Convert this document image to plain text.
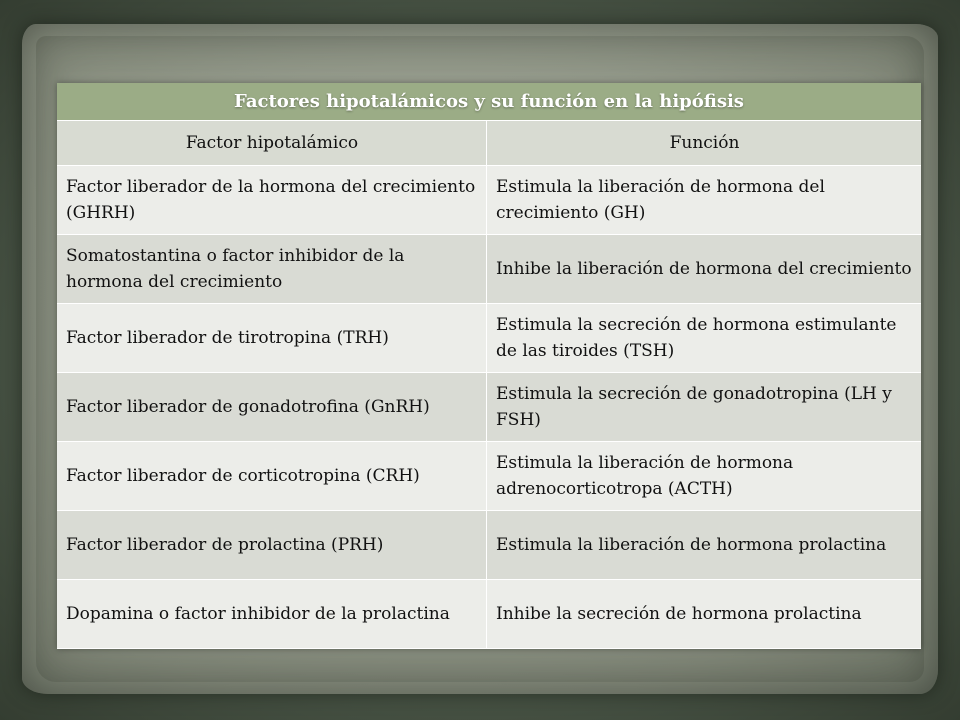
Factores hipotalámicos y su función en la hipófisis	
Factor hipotalámico	Función
Factor liberador de la hormona del crecimiento (GHRH)	Estimula la liberación de hormona del crecimiento (GH)
Somatostantina o factor inhibidor de la hormona del crecimiento	Inhibe la liberación de hormona del crecimiento
Factor liberador de tirotropina (TRH)	Estimula la secreción de hormona estimulante de las tiroides (TSH)
Factor liberador de gonadotrofina (GnRH)	Estimula la secreción de gonadotropina (LH y FSH)
Factor liberador de corticotropina (CRH)	Estimula la liberación de hormona adrenocorticotropa (ACTH)
Factor liberador de prolactina (PRH)	Estimula la liberación de hormona prolactina
Dopamina o factor inhibidor de la prolactina	Inhibe la secreción de hormona prolactina
